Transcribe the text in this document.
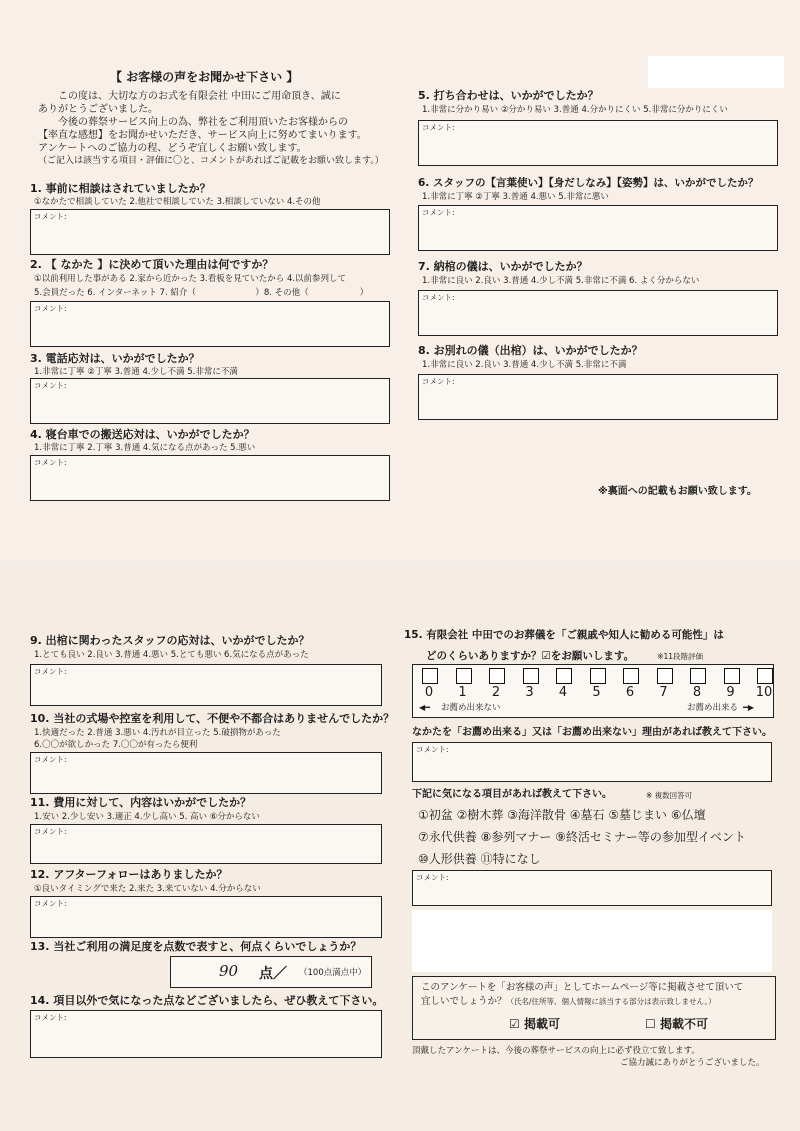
【 お客様の声をお聞かせ下さい 】
この度は、大切な方のお式を有限会社 中田にご用命頂き、誠に
ありがとうございました。
今後の葬祭サービス向上の為、弊社をご利用頂いたお客様からの
【率直な感想】をお聞かせいただき、サービス向上に努めてまいります。
アンケートへのご協力の程、どうぞ宜しくお願い致します。
（ご記入は該当する項目・評価に〇と、コメントがあればご記載をお願い致します。）
1. 事前に相談はされていましたか？
①なかたで相談していた 2.他社で相談していた 3.相談していない 4.その他
コメント:
2. 【 なかた 】に決めて頂いた理由は何ですか？
①以前利用した事がある 2.家から近かった 3.看板を見ていたから 4.以前参列して
5.会員だった 6. インターネット 7. 紹介（　　　　　　　）8. その他（　　　　　　）
コメント:
3. 電話応対は、いかがでしたか？
1.非常に丁寧 ②丁寧 3.普通 4.少し不満 5.非常に不満
コメント:
4. 寝台車での搬送応対は、いかがでしたか？
1.非常に丁寧 2.丁寧 3.普通 4.気になる点があった 5.悪い
コメント:
5. 打ち合わせは、いかがでしたか？
1.非常に分かり易い ②分かり易い 3.普通 4.分かりにくい 5.非常に分かりにくい
コメント:
6. スタッフの【言葉使い】【身だしなみ】【姿勢】は、いかがでしたか？
1.非常に丁寧 ②丁寧 3.普通 4.悪い 5.非常に悪い
コメント:
7. 納棺の儀は、いかがでしたか？
1.非常に良い 2.良い 3.普通 4.少し不満 5.非常に不満 6. よく分からない
コメント:
8. お別れの儀（出棺）は、いかがでしたか？
1.非常に良い 2.良い 3.普通 4.少し不満 5.非常に不満
コメント:
※裏面への記載もお願い致します。
9. 出棺に関わったスタッフの応対は、いかがでしたか？
1.とても良い 2.良い 3.普通 4.悪い 5.とても悪い 6.気になる点があった
コメント:
10. 当社の式場や控室を利用して、不便や不都合はありませんでしたか？
1.快適だった 2.普通 3.悪い 4.汚れが目立った 5.破損物があった
6.〇〇が欲しかった 7.〇〇が有ったら便利
コメント:
11. 費用に対して、内容はいかがでしたか？
1.安い 2.少し安い 3.適正 4.少し高い 5. 高い ⑥分からない
コメント:
12. アフターフォローはありましたか？
①良いタイミングで来た 2.来た 3.来ていない 4.分からない
コメント:
13. 当社ご利用の満足度を点数で表すと、何点くらいでしょうか？
90 点／ （100点満点中）
14. 項目以外で気になった点などございましたら、ぜひ教えて下さい。
コメント:
15. 有限会社 中田でのお葬儀を「ご親戚や知人に勧める可能性」は
どのくらいありますか？☑をお願いします。	※11段階評価
0	1	2	3	4	5	6	7	8	9	10
◀━ お薦め出来ない	お薦め出来る ━▶
なかたを「お薦め出来る」又は「お薦め出来ない」理由があれば教えて下さい。
コメント:
下記に気になる項目があれば教えて下さい。	※ 複数回答可
①初盆 ②樹木葬 ③海洋散骨 ④墓石 ⑤墓じまい ⑥仏壇
⑦永代供養 ⑧参列マナー ⑨終活セミナー等の参加型イベント
⑩人形供養 ⑪特になし
コメント:
このアンケートを「お客様の声」としてホームページ等に掲載させて頂いて
宜しいでしょうか？（氏名/住所等、個人情報に該当する部分は表示致しません。）
☑ 掲載可	☐ 掲載不可
頂戴したアンケートは、今後の葬祭サービスの向上に必ず役立て致します。
ご協力誠にありがとうございました。
